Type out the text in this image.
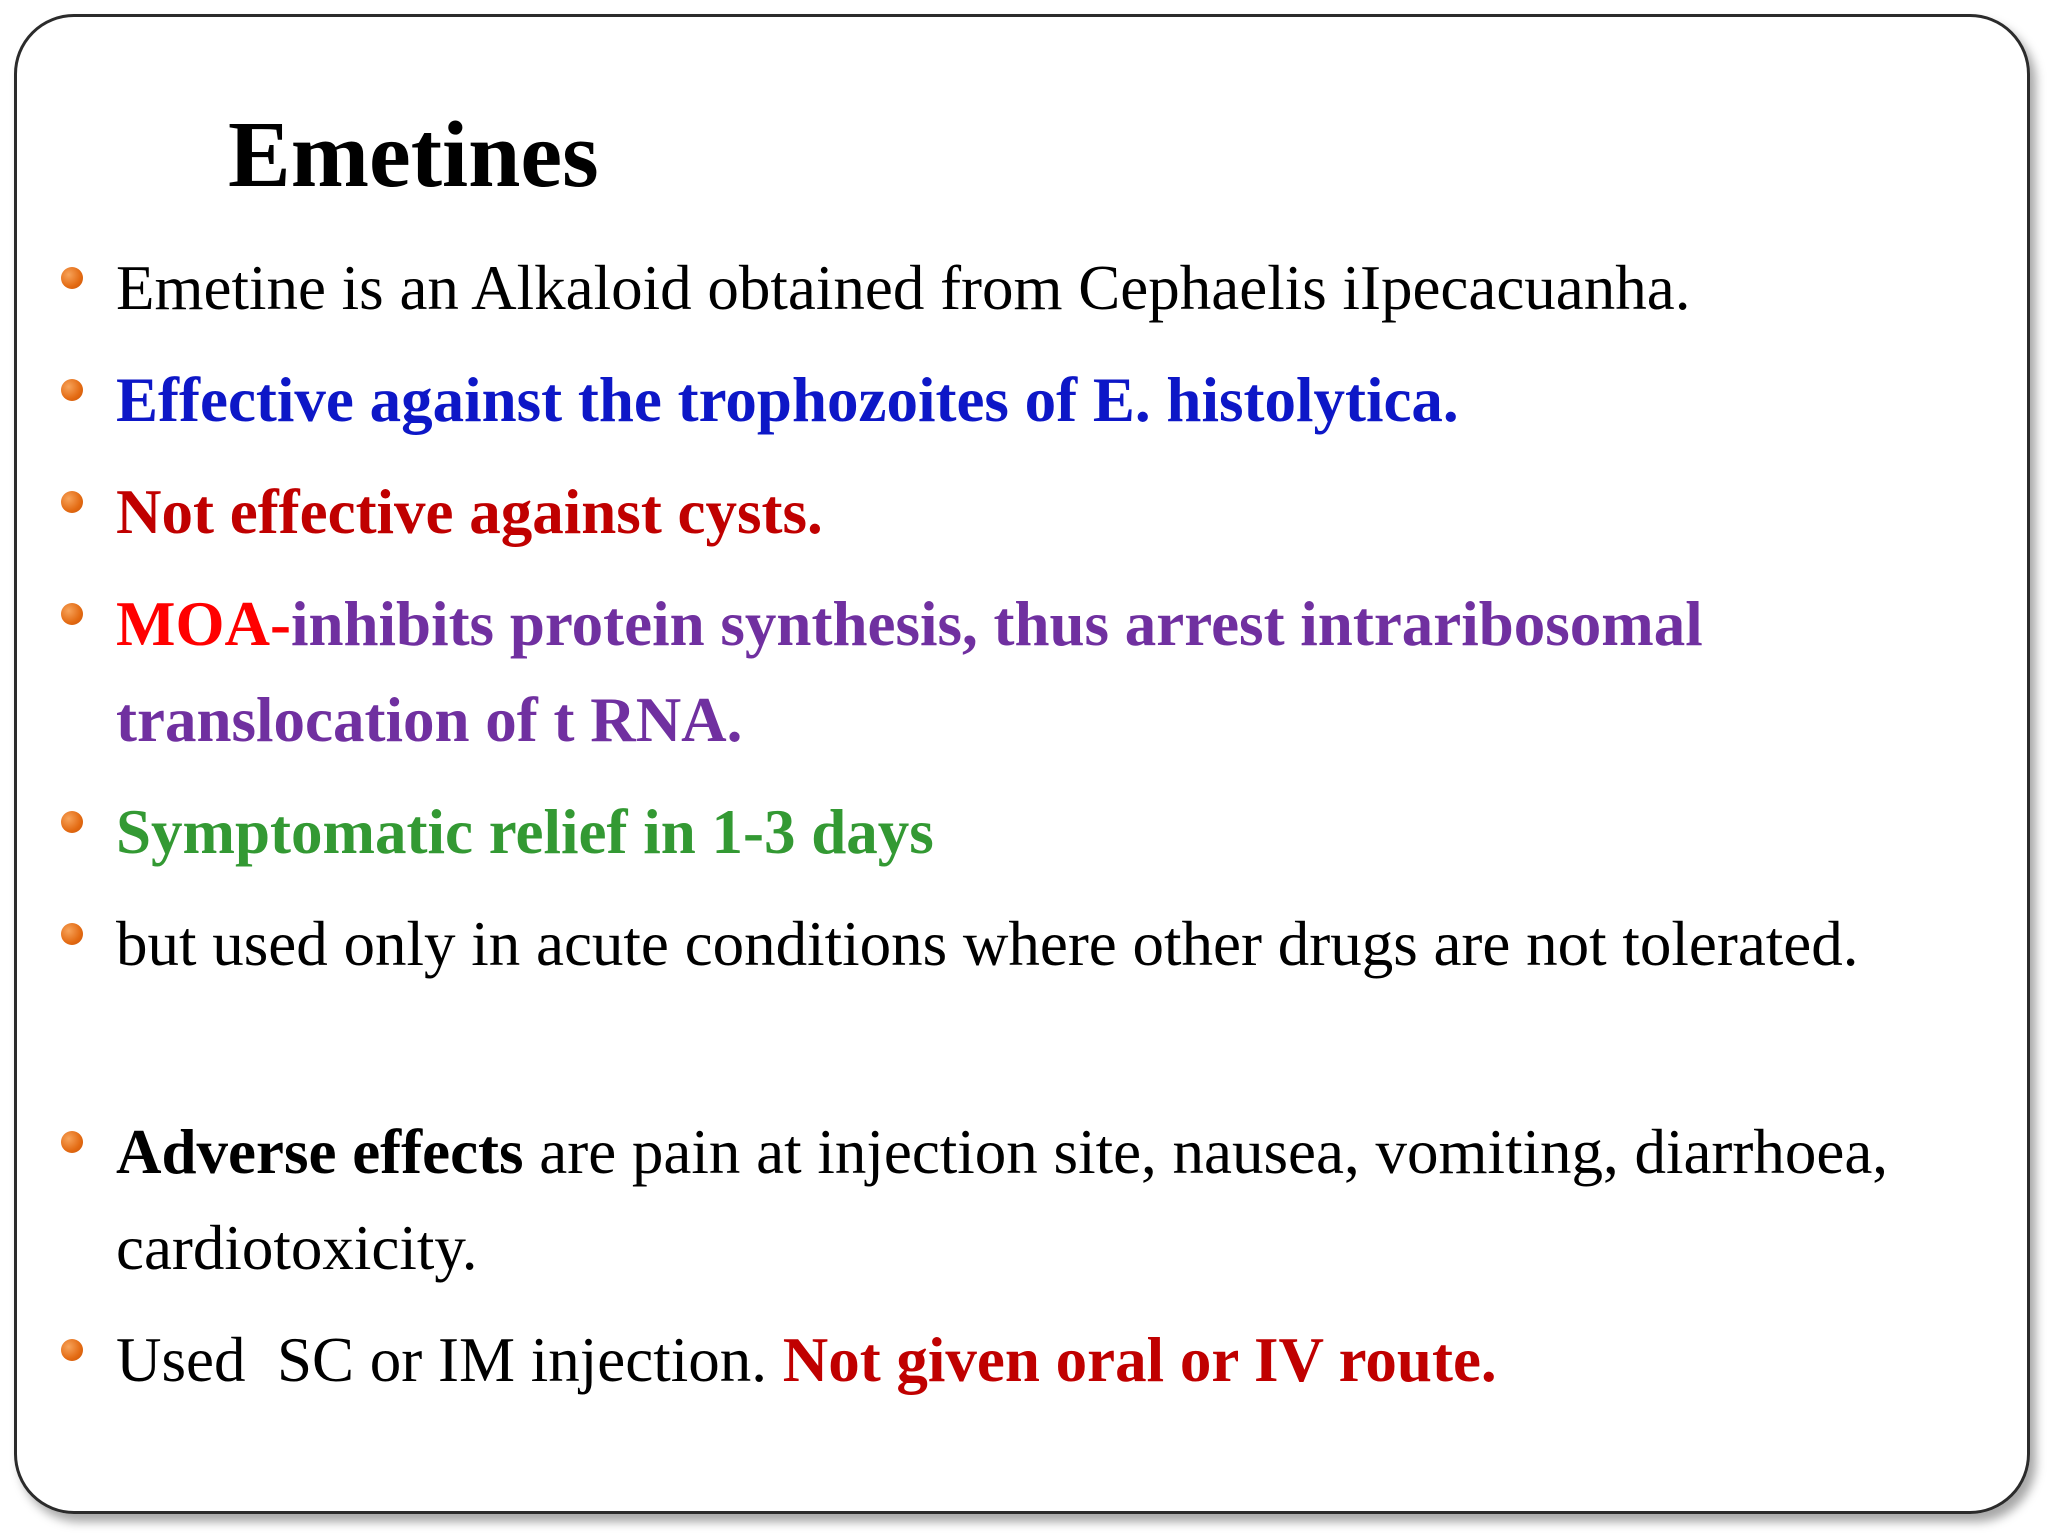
Emetines
Emetine is an Alkaloid obtained from Cephaelis iIpecacuanha.
Effective against the trophozoites of E. histolytica.
Not effective against cysts.
MOA-inhibits protein synthesis, thus arrest intraribosomal translocation of t RNA.
Symptomatic relief in 1-3 days
but used only in acute conditions where other drugs are not tolerated.
Adverse effects are pain at injection site, nausea, vomiting, diarrhoea, cardiotoxicity.
Used  SC or IM injection. Not given oral or IV route.
